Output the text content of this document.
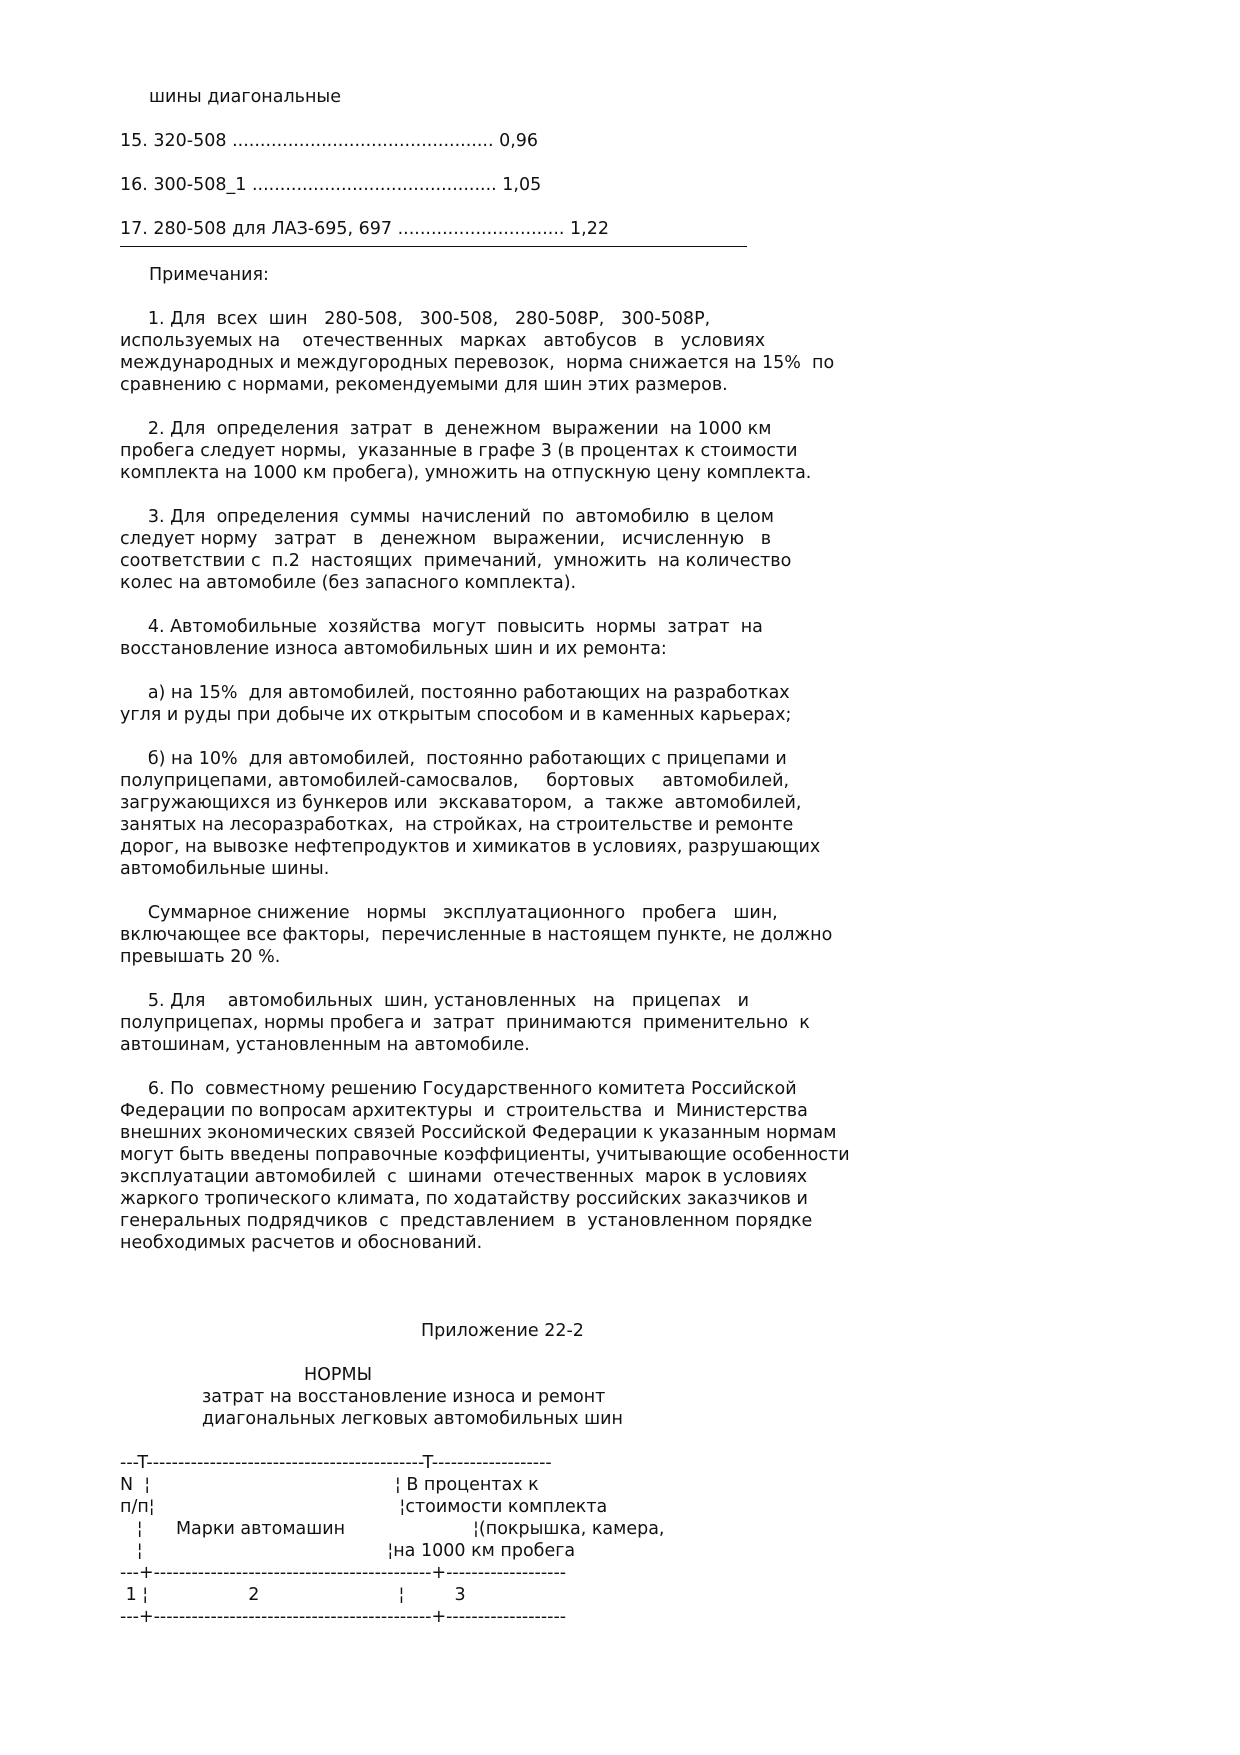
шины диагональные

15. 320-508 ............................................... 0,96

16. 300-508_1 ............................................ 1,05

17. 280-508 для ЛАЗ-695, 697 .............................. 1,22

Примечания:

1. Для  всех  шин   280-508,   300-508,   280-508Р,   300-508Р,

используемых на    отечественных   марках   автобусов   в   условиях

международных и междугородных перевозок,  норма снижается на 15%  по

сравнению с нормами, рекомендуемыми для шин этих размеров.

2. Для  определения  затрат  в  денежном  выражении  на 1000 км

пробега следует нормы,  указанные в графе 3 (в процентах к стоимости

комплекта на 1000 км пробега), умножить на отпускную цену комплекта.

3. Для  определения  суммы  начислений  по  автомобилю  в целом

следует норму   затрат   в   денежном   выражении,   исчисленную   в

соответствии с  п.2  настоящих  примечаний,  умножить  на количество

колес на автомобиле (без запасного комплекта).

4. Автомобильные  хозяйства  могут  повысить  нормы  затрат  на

восстановление износа автомобильных шин и их ремонта:

а) на 15%  для автомобилей, постоянно работающих на разработках

угля и руды при добыче их открытым способом и в каменных карьерах;

б) на 10%  для автомобилей,  постоянно работающих с прицепами и

полуприцепами, автомобилей-самосвалов,     бортовых     автомобилей,

загружающихся из бункеров или  экскаватором,  а  также  автомобилей,

занятых на лесоразработках,  на стройках, на строительстве и ремонте

дорог, на вывозке нефтепродуктов и химикатов в условиях, разрушающих

автомобильные шины.

Суммарное снижение   нормы   эксплуатационного   пробега   шин,

включающее все факторы,  перечисленные в настоящем пункте, не должно

превышать 20 %.

5. Для    автомобильных  шин, установленных   на   прицепах   и

полуприцепах, нормы пробега и  затрат  принимаются  применительно  к

автошинам, установленным на автомобиле.

6. По  совместному решению Государственного комитета Российской

Федерации по вопросам архитектуры  и  строительства  и  Министерства

внешних экономических связей Российской Федерации к указанным нормам

могут быть введены поправочные коэффициенты, учитывающие особенности

эксплуатации автомобилей  с  шинами  отечественных  марок в условиях

жаркого тропического климата, по ходатайству российских заказчиков и

генеральных подрядчиков  с  представлением  в  установленном порядке

необходимых расчетов и обоснований.

Приложение 22-2

НОРМЫ

затрат на восстановление износа и ремонт

диагональных легковых автомобильных шин

---T--------------------------------------------T-------------------

N  ¦                                            ¦ В процентах к

п/п¦                                            ¦стоимости комплекта

¦      Марки автомашин                       ¦(покрышка, камера,

¦                                            ¦на 1000 км пробега

---+--------------------------------------------+-------------------

1 ¦                  2                         ¦         3

---+--------------------------------------------+-------------------
